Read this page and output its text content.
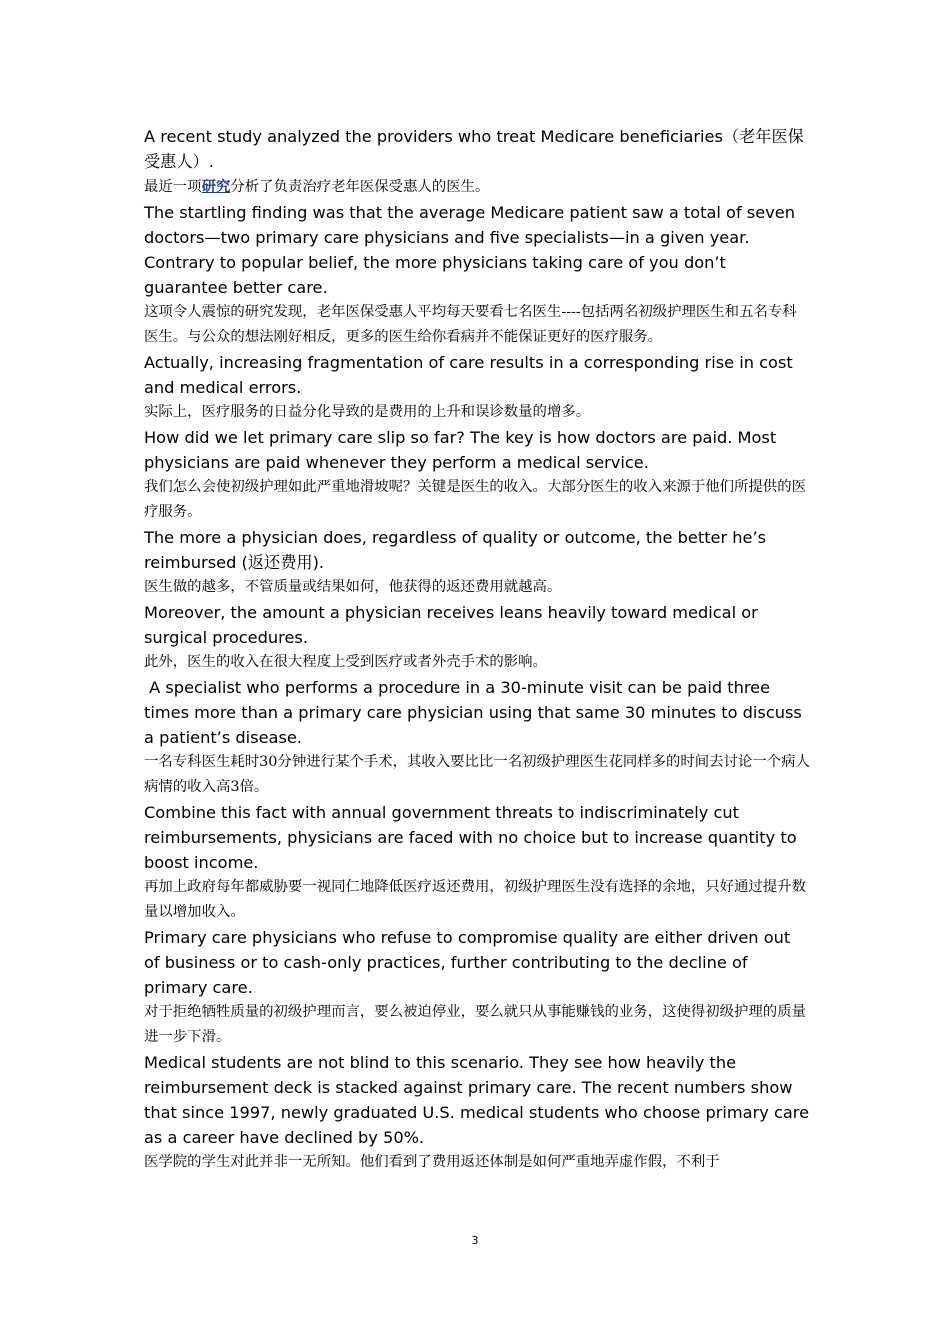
A recent study analyzed the providers who treat Medicare beneficiaries（老年医保受惠人）.

最近一项研究分析了负责治疗老年医保受惠人的医生。

The startling finding was that the average Medicare patient saw a total of seven doctors—two primary care physicians and five specialists—in a given year. Contrary to popular belief, the more physicians taking care of you don’t guarantee better care.

这项令人震惊的研究发现，老年医保受惠人平均每天要看七名医生----包括两名初级护理医生和五名专科医生。与公众的想法刚好相反，更多的医生给你看病并不能保证更好的医疗服务。

Actually, increasing fragmentation of care results in a corresponding rise in cost and medical errors.

实际上，医疗服务的日益分化导致的是费用的上升和误诊数量的增多。

How did we let primary care slip so far? The key is how doctors are paid. Most physicians are paid whenever they perform a medical service.

我们怎么会使初级护理如此严重地滑坡呢？关键是医生的收入。大部分医生的收入来源于他们所提供的医疗服务。

The more a physician does, regardless of quality or outcome, the better he’s reimbursed (返还费用).

医生做的越多，不管质量或结果如何，他获得的返还费用就越高。

Moreover, the amount a physician receives leans heavily toward medical or surgical procedures.

此外，医生的收入在很大程度上受到医疗或者外壳手术的影响。

A specialist who performs a procedure in a 30-minute visit can be paid three times more than a primary care physician using that same 30 minutes to discuss a patient’s disease.

一名专科医生耗时30分钟进行某个手术，其收入要比比一名初级护理医生花同样多的时间去讨论一个病人病情的收入高3倍。

Combine this fact with annual government threats to indiscriminately cut reimbursements, physicians are faced with no choice but to increase quantity to boost income.

再加上政府每年都威胁要一视同仁地降低医疗返还费用，初级护理医生没有选择的余地，只好通过提升数量以增加收入。

Primary care physicians who refuse to compromise quality are either driven out of business or to cash-only practices, further contributing to the decline of primary care.

对于拒绝牺牲质量的初级护理而言，要么被迫停业，要么就只从事能赚钱的业务，这使得初级护理的质量进一步下滑。

Medical students are not blind to this scenario. They see how heavily the reimbursement deck is stacked against primary care. The recent numbers show that since 1997, newly graduated U.S. medical students who choose primary care as a career have declined by 50%.

医学院的学生对此并非一无所知。他们看到了费用返还体制是如何严重地弄虚作假，不利于

3
